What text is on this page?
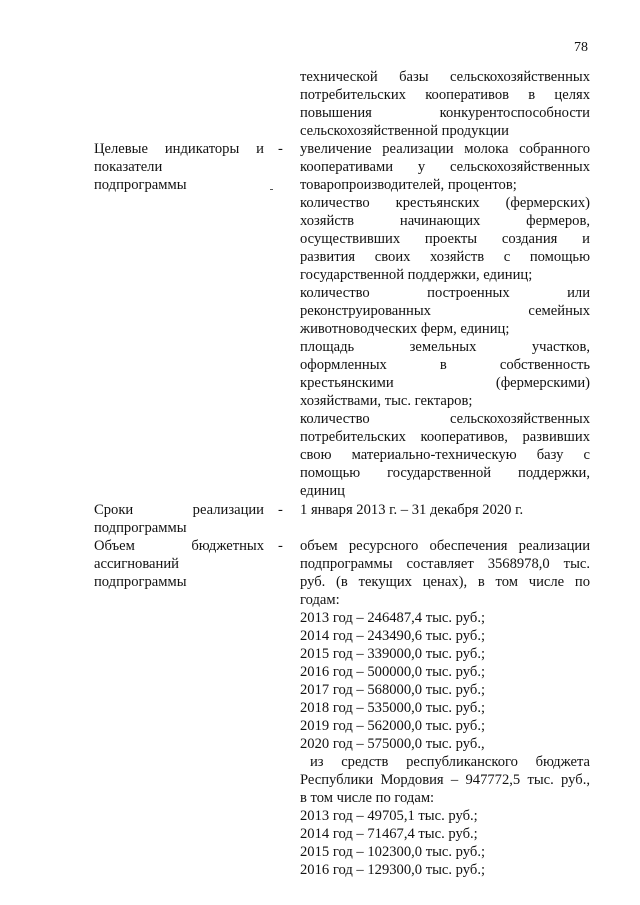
78
технической базы сельскохозяйственных
потребительских кооперативов в целях
повышения конкурентоспособности
сельскохозяйственной продукции
Целевые индикаторы и
показатели
подпрограммы
- увеличение реализации молока собранного
кооперативами у сельскохозяйственных
товаропроизводителей, процентов;
количество крестьянских (фермерских)
хозяйств начинающих фермеров,
осуществивших проекты создания и
развития своих хозяйств с помощью
государственной поддержки, единиц;
количество построенных или
реконструированных семейных
животноводческих ферм, единиц;
площадь земельных участков,
оформленных в собственность
крестьянскими (фермерскими)
хозяйствами, тыс. гектаров;
количество сельскохозяйственных
потребительских кооперативов, развивших
свою материально-техническую базу с
помощью государственной поддержки,
единиц
Сроки реализации
подпрограммы
- 1 января 2013 г. – 31 декабря 2020 г.
Объем бюджетных
ассигнований
подпрограммы
- объем ресурсного обеспечения реализации
подпрограммы составляет 3568978,0 тыс.
руб. (в текущих ценах), в том числе по
годам:
2013 год – 246487,4 тыс. руб.;
2014 год – 243490,6 тыс. руб.;
2015 год – 339000,0 тыс. руб.;
2016 год – 500000,0 тыс. руб.;
2017 год – 568000,0 тыс. руб.;
2018 год – 535000,0 тыс. руб.;
2019 год – 562000,0 тыс. руб.;
2020 год – 575000,0 тыс. руб.,
из средств республиканского бюджета
Республики Мордовия – 947772,5 тыс. руб.,
в том числе по годам:
2013 год – 49705,1 тыс. руб.;
2014 год – 71467,4 тыс. руб.;
2015 год – 102300,0 тыс. руб.;
2016 год – 129300,0 тыс. руб.;
